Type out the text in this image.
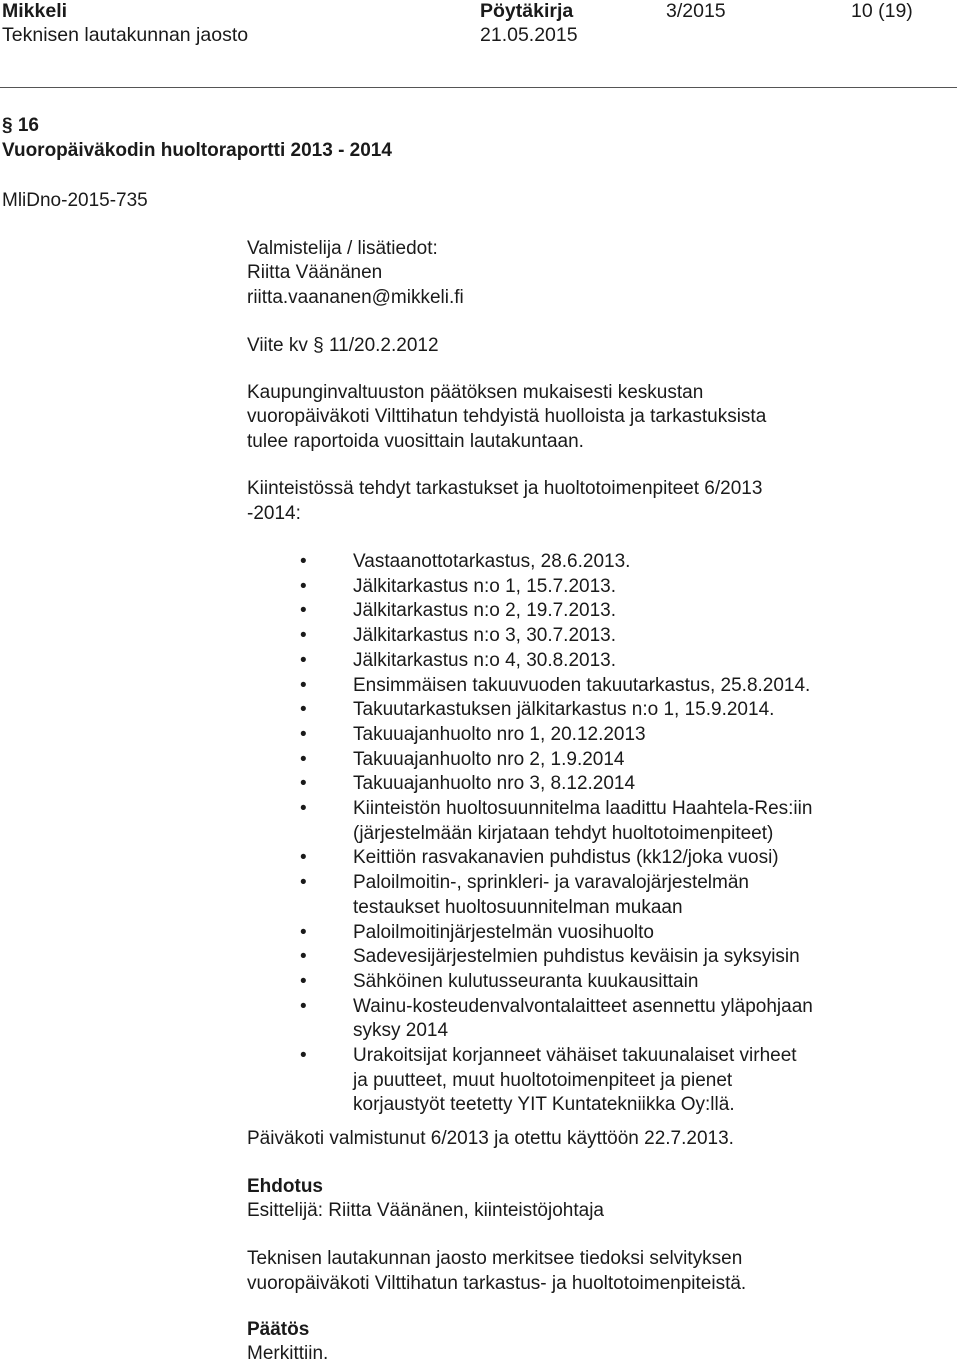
Mikkeli	Pöytäkirja	3/2015	10 (19)
Teknisen lautakunnan jaosto	21.05.2015
§ 16
Vuoropäiväkodin huoltoraportti 2013 - 2014
MliDno-2015-735
Valmistelija / lisätiedot:
Riitta Väänänen
riitta.vaananen@mikkeli.fi
Viite kv § 11/20.2.2012
Kaupunginvaltuuston päätöksen mukaisesti keskustan
vuoropäiväkoti Vilttihatun tehdyistä huolloista ja tarkastuksista
tulee raportoida vuosittain lautakuntaan.
Kiinteistössä tehdyt tarkastukset ja huoltotoimenpiteet 6/2013
-2014:
• Vastaanottotarkastus, 28.6.2013.
• Jälkitarkastus n:o 1, 15.7.2013.
• Jälkitarkastus n:o 2, 19.7.2013.
• Jälkitarkastus n:o 3, 30.7.2013.
• Jälkitarkastus n:o 4, 30.8.2013.
• Ensimmäisen takuuvuoden takuutarkastus, 25.8.2014.
• Takuutarkastuksen jälkitarkastus n:o 1, 15.9.2014.
• Takuuajanhuolto nro 1, 20.12.2013
• Takuuajanhuolto nro 2, 1.9.2014
• Takuuajanhuolto nro 3, 8.12.2014
• Kiinteistön huoltosuunnitelma laadittu Haahtela-Res:iin
(järjestelmään kirjataan tehdyt huoltotoimenpiteet)
• Keittiön rasvakanavien puhdistus (kk12/joka vuosi)
• Paloilmoitin-, sprinkleri- ja varavalojärjestelmän
testaukset huoltosuunnitelman mukaan
• Paloilmoitinjärjestelmän vuosihuolto
• Sadevesijärjestelmien puhdistus keväisin ja syksyisin
• Sähköinen kulutusseuranta kuukausittain
• Wainu-kosteudenvalvontalaitteet asennettu yläpohjaan
syksy 2014
• Urakoitsijat korjanneet vähäiset takuunalaiset virheet
ja puutteet, muut huoltotoimenpiteet ja pienet
korjaustyöt teetetty YIT Kuntatekniikka Oy:llä.
Päiväkoti valmistunut 6/2013 ja otettu käyttöön 22.7.2013.
Ehdotus
Esittelijä: Riitta Väänänen, kiinteistöjohtaja
Teknisen lautakunnan jaosto merkitsee tiedoksi selvityksen
vuoropäiväkoti Vilttihatun tarkastus- ja huoltotoimenpiteistä.
Päätös
Merkittiin.
